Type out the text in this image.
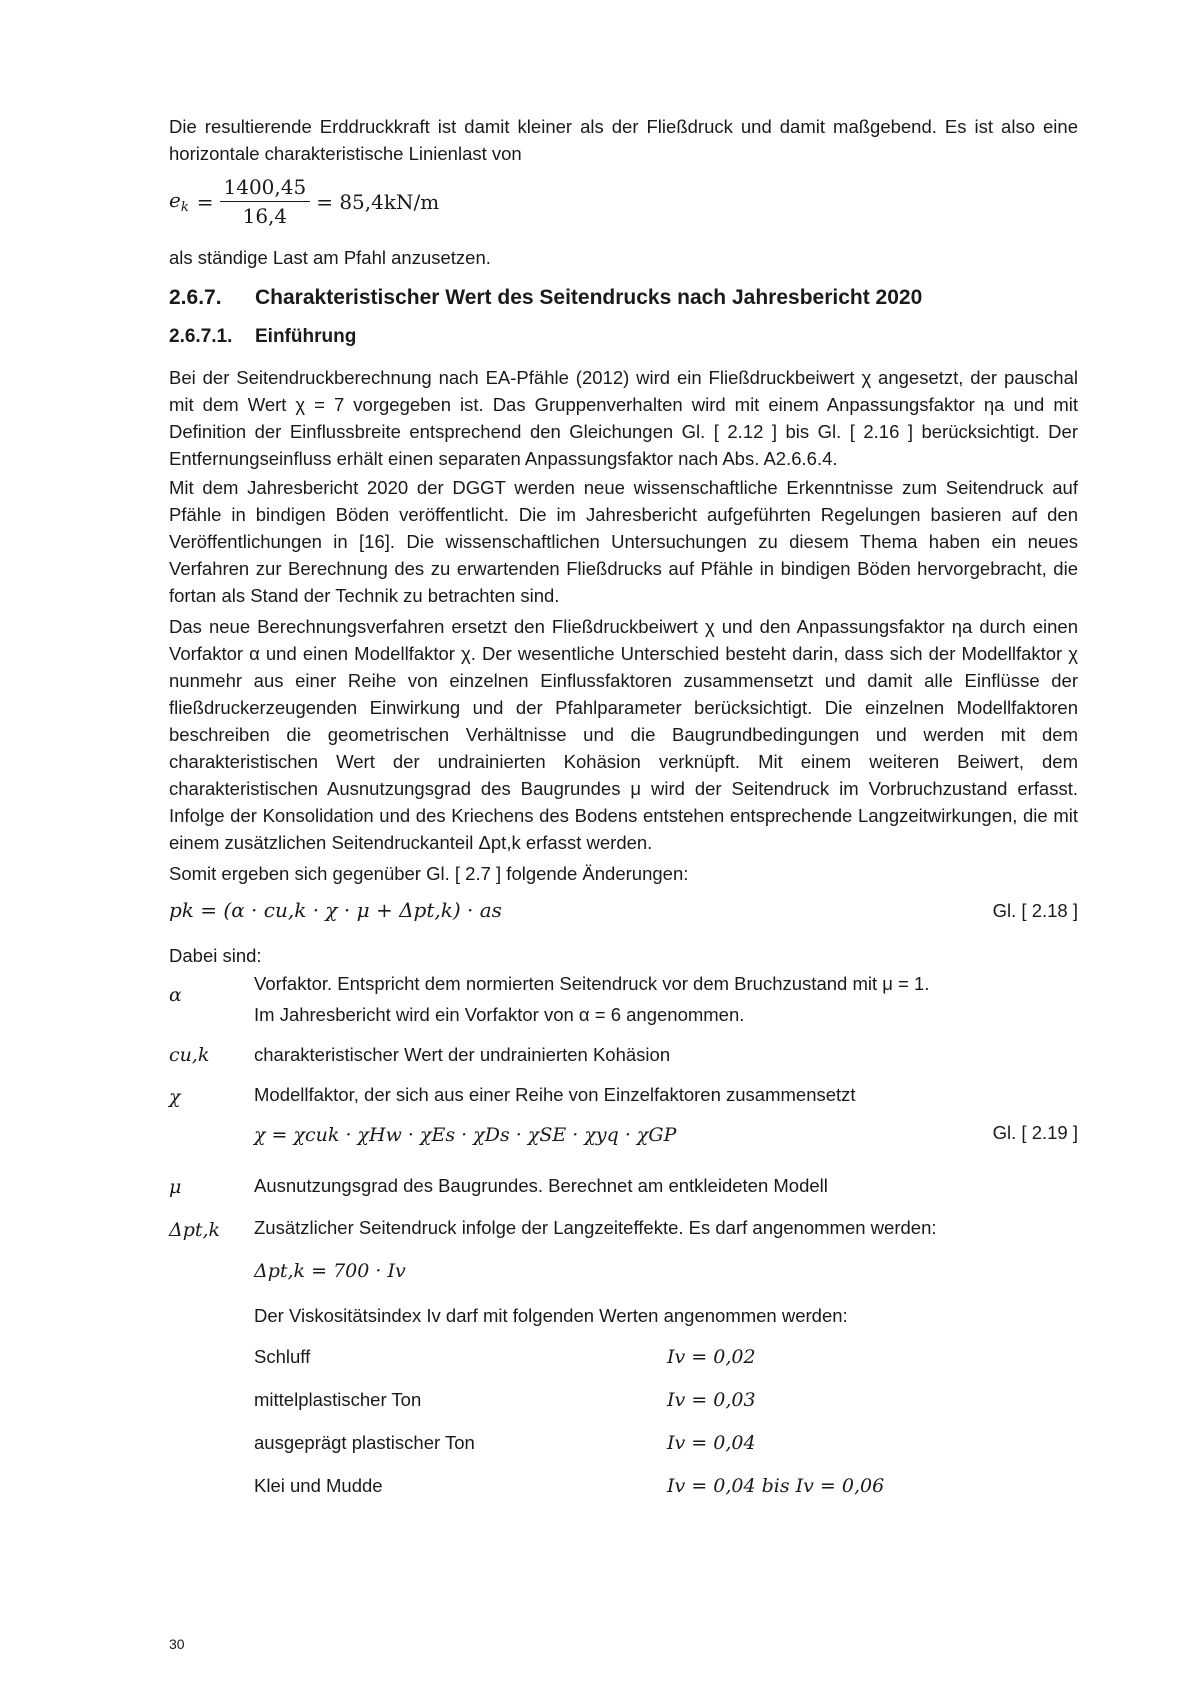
Die resultierende Erddruckkraft ist damit kleiner als der Fließdruck und damit maßgebend. Es ist also eine horizontale charakteristische Linienlast von

$e_k = \frac{1400,45}{16,4} = 85,4kN/m$

als ständige Last am Pfahl anzusetzen.

2.6.7. Charakteristischer Wert des Seitendrucks nach Jahresbericht 2020
2.6.7.1. Einführung

Bei der Seitendruckberechnung nach EA-Pfähle (2012) wird ein Fließdruckbeiwert χ angesetzt, der pauschal mit dem Wert χ = 7 vorgegeben ist. Das Gruppenverhalten wird mit einem Anpassungsfaktor ηa und mit Definition der Einflussbreite entsprechend den Gleichungen Gl. [ 2.12 ] bis Gl. [ 2.16 ] berücksichtigt. Der Entfernungseinfluss erhält einen separaten Anpassungsfaktor nach Abs. A2.6.6.4.

Mit dem Jahresbericht 2020 der DGGT werden neue wissenschaftliche Erkenntnisse zum Seitendruck auf Pfähle in bindigen Böden veröffentlicht. Die im Jahresbericht aufgeführten Regelungen basieren auf den Veröffentlichungen in [16]. Die wissenschaftlichen Untersuchungen zu diesem Thema haben ein neues Verfahren zur Berechnung des zu erwartenden Fließdrucks auf Pfähle in bindigen Böden hervorgebracht, die fortan als Stand der Technik zu betrachten sind.

Das neue Berechnungsverfahren ersetzt den Fließdruckbeiwert χ und den Anpassungsfaktor ηa durch einen Vorfaktor α und einen Modellfaktor χ. Der wesentliche Unterschied besteht darin, dass sich der Modellfaktor χ nunmehr aus einer Reihe von einzelnen Einflussfaktoren zusammensetzt und damit alle Einflüsse der fließdruckerzeugenden Einwirkung und der Pfahlparameter berücksichtigt. Die einzelnen Modellfaktoren beschreiben die geometrischen Verhältnisse und die Baugrundbedingungen und werden mit dem charakteristischen Wert der undrainierten Kohäsion verknüpft. Mit einem weiteren Beiwert, dem charakteristischen Ausnutzungsgrad des Baugrundes μ wird der Seitendruck im Vorbruchzustand erfasst. Infolge der Konsolidation und des Kriechens des Bodens entstehen entsprechende Langzeitwirkungen, die mit einem zusätzlichen Seitendruckanteil Δpt,k erfasst werden.

Somit ergeben sich gegenüber Gl. [ 2.7 ] folgende Änderungen:

pk = (α · cu,k · χ · μ + Δpt,k) · as	Gl. [ 2.18 ]

Dabei sind:

α
Vorfaktor. Entspricht dem normierten Seitendruck vor dem Bruchzustand mit μ = 1.
Im Jahresbericht wird ein Vorfaktor von α = 6 angenommen.
cu,k charakteristischer Wert der undrainierten Kohäsion
χ	Modellfaktor, der sich aus einer Reihe von Einzelfaktoren zusammensetzt
χ = χcuk · χHw · χEs · χDs · χSE · χyq · χGP	Gl. [ 2.19 ]
μ	Ausnutzungsgrad des Baugrundes. Berechnet am entkleideten Modell
Δpt,k Zusätzlicher Seitendruck infolge der Langzeiteffekte. Es darf angenommen werden:
Δpt,k = 700 · Iv
Der Viskositätsindex Iv darf mit folgenden Werten angenommen werden:
Schluff	Iv = 0,02
mittelplastischer Ton	Iv = 0,03
ausgeprägt plastischer Ton	Iv = 0,04
Klei und Mudde	Iv = 0,04 bis Iv = 0,06
30
